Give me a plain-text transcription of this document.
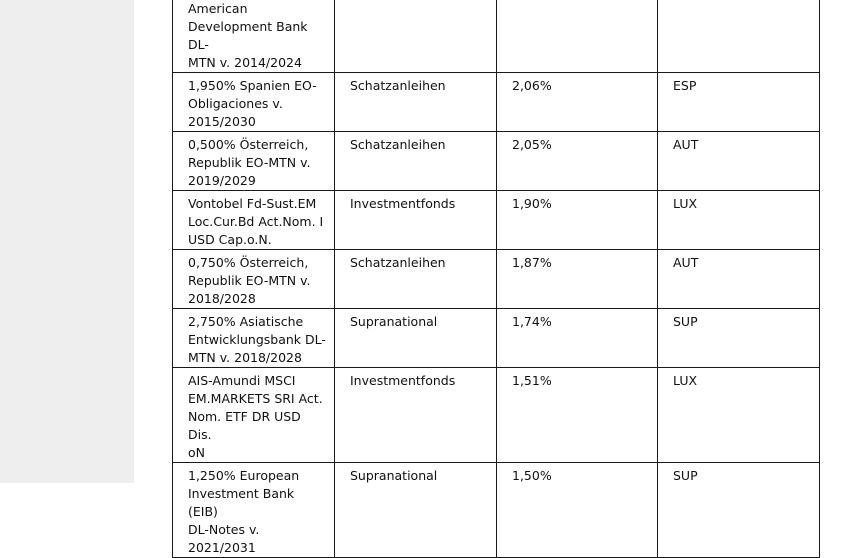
American
Development Bank DL-
MTN v. 2014/2024			
1,950% Spanien EO-
Obligaciones v.
2015/2030	Schatzanleihen	2,06%	ESP
0,500% Österreich,
Republik EO-MTN v.
2019/2029	Schatzanleihen	2,05%	AUT
Vontobel Fd-Sust.EM
Loc.Cur.Bd Act.Nom. I
USD Cap.o.N.	Investmentfonds	1,90%	LUX
0,750% Österreich,
Republik EO-MTN v.
2018/2028	Schatzanleihen	1,87%	AUT
2,750% Asiatische
Entwicklungsbank DL-
MTN v. 2018/2028	Supranational	1,74%	SUP
AIS-Amundi MSCI
EM.MARKETS SRI Act.
Nom. ETF DR USD Dis.
oN	Investmentfonds	1,51%	LUX
1,250% European
Investment Bank (EIB)
DL-Notes v.
2021/2031	Supranational	1,50%	SUP
